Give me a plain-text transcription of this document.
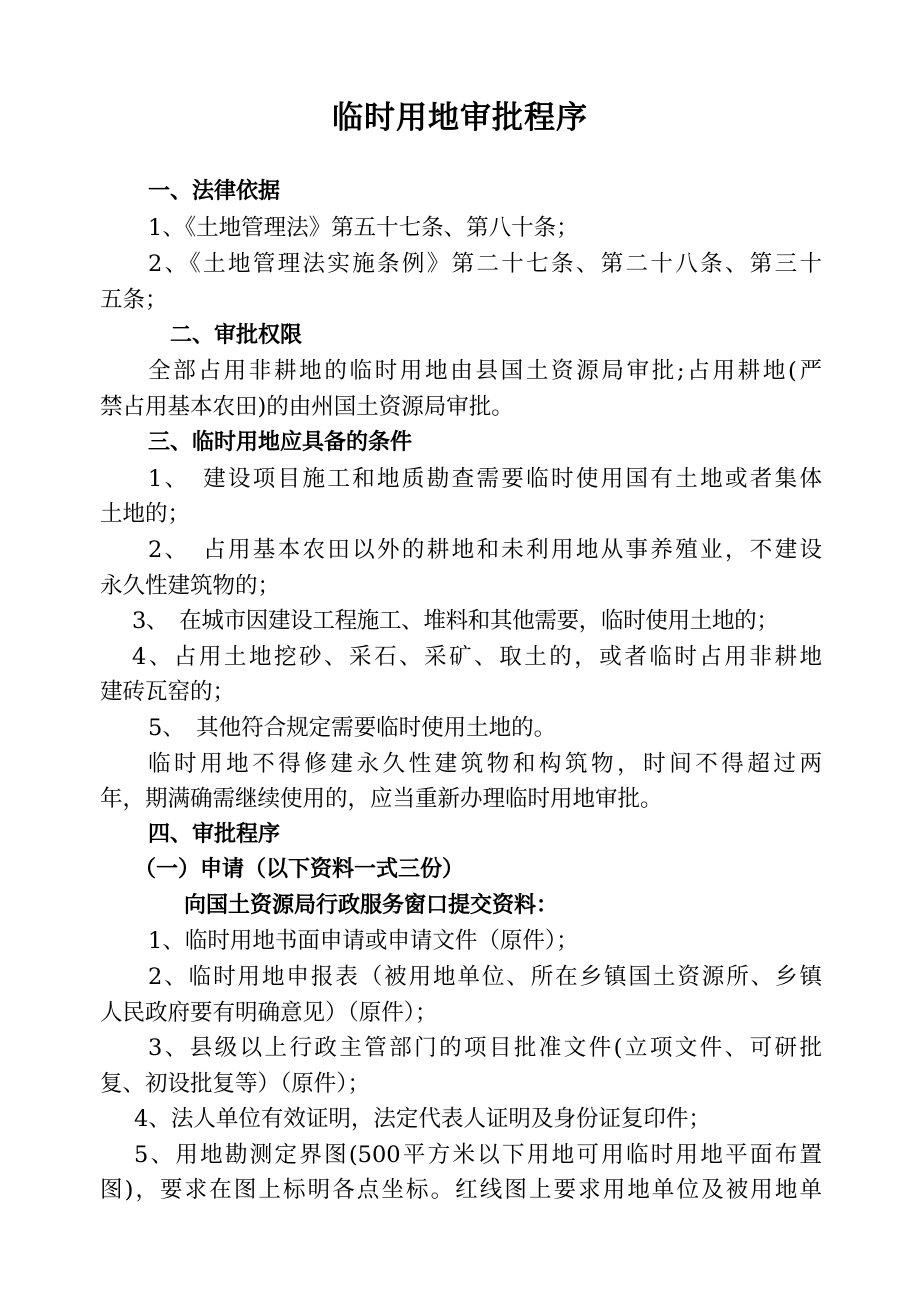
临时用地审批程序
一、法律依据
1、《土地管理法》第五十七条、第八十条；
2、《土地管理法实施条例》第二十七条、第二十八条、第三十
五条；
二、审批权限
全部占用非耕地的临时用地由县国土资源局审批;占用耕地(严
禁占用基本农田)的由州国土资源局审批。
三、临时用地应具备的条件
1、　建设项目施工和地质勘查需要临时使用国有土地或者集体
土地的；
2、　占用基本农田以外的耕地和未利用地从事养殖业，不建设
永久性建筑物的；
3、　在城市因建设工程施工、堆料和其他需要，临时使用土地的；
4、占用土地挖砂、采石、采矿、取土的，或者临时占用非耕地
建砖瓦窑的；
5、　其他符合规定需要临时使用土地的。
临时用地不得修建永久性建筑物和构筑物，时间不得超过两
年，期满确需继续使用的，应当重新办理临时用地审批。
四、审批程序
（一）申请（以下资料一式三份）
向国土资源局行政服务窗口提交资料：
1、临时用地书面申请或申请文件（原件）；
2、临时用地申报表（被用地单位、所在乡镇国土资源所、乡镇
人民政府要有明确意见）（原件）；
3、县级以上行政主管部门的项目批准文件(立项文件、可研批
复、初设批复等）（原件）；
4、法人单位有效证明，法定代表人证明及身份证复印件；
5、用地勘测定界图(500平方米以下用地可用临时用地平面布置
图)，要求在图上标明各点坐标。红线图上要求用地单位及被用地单
